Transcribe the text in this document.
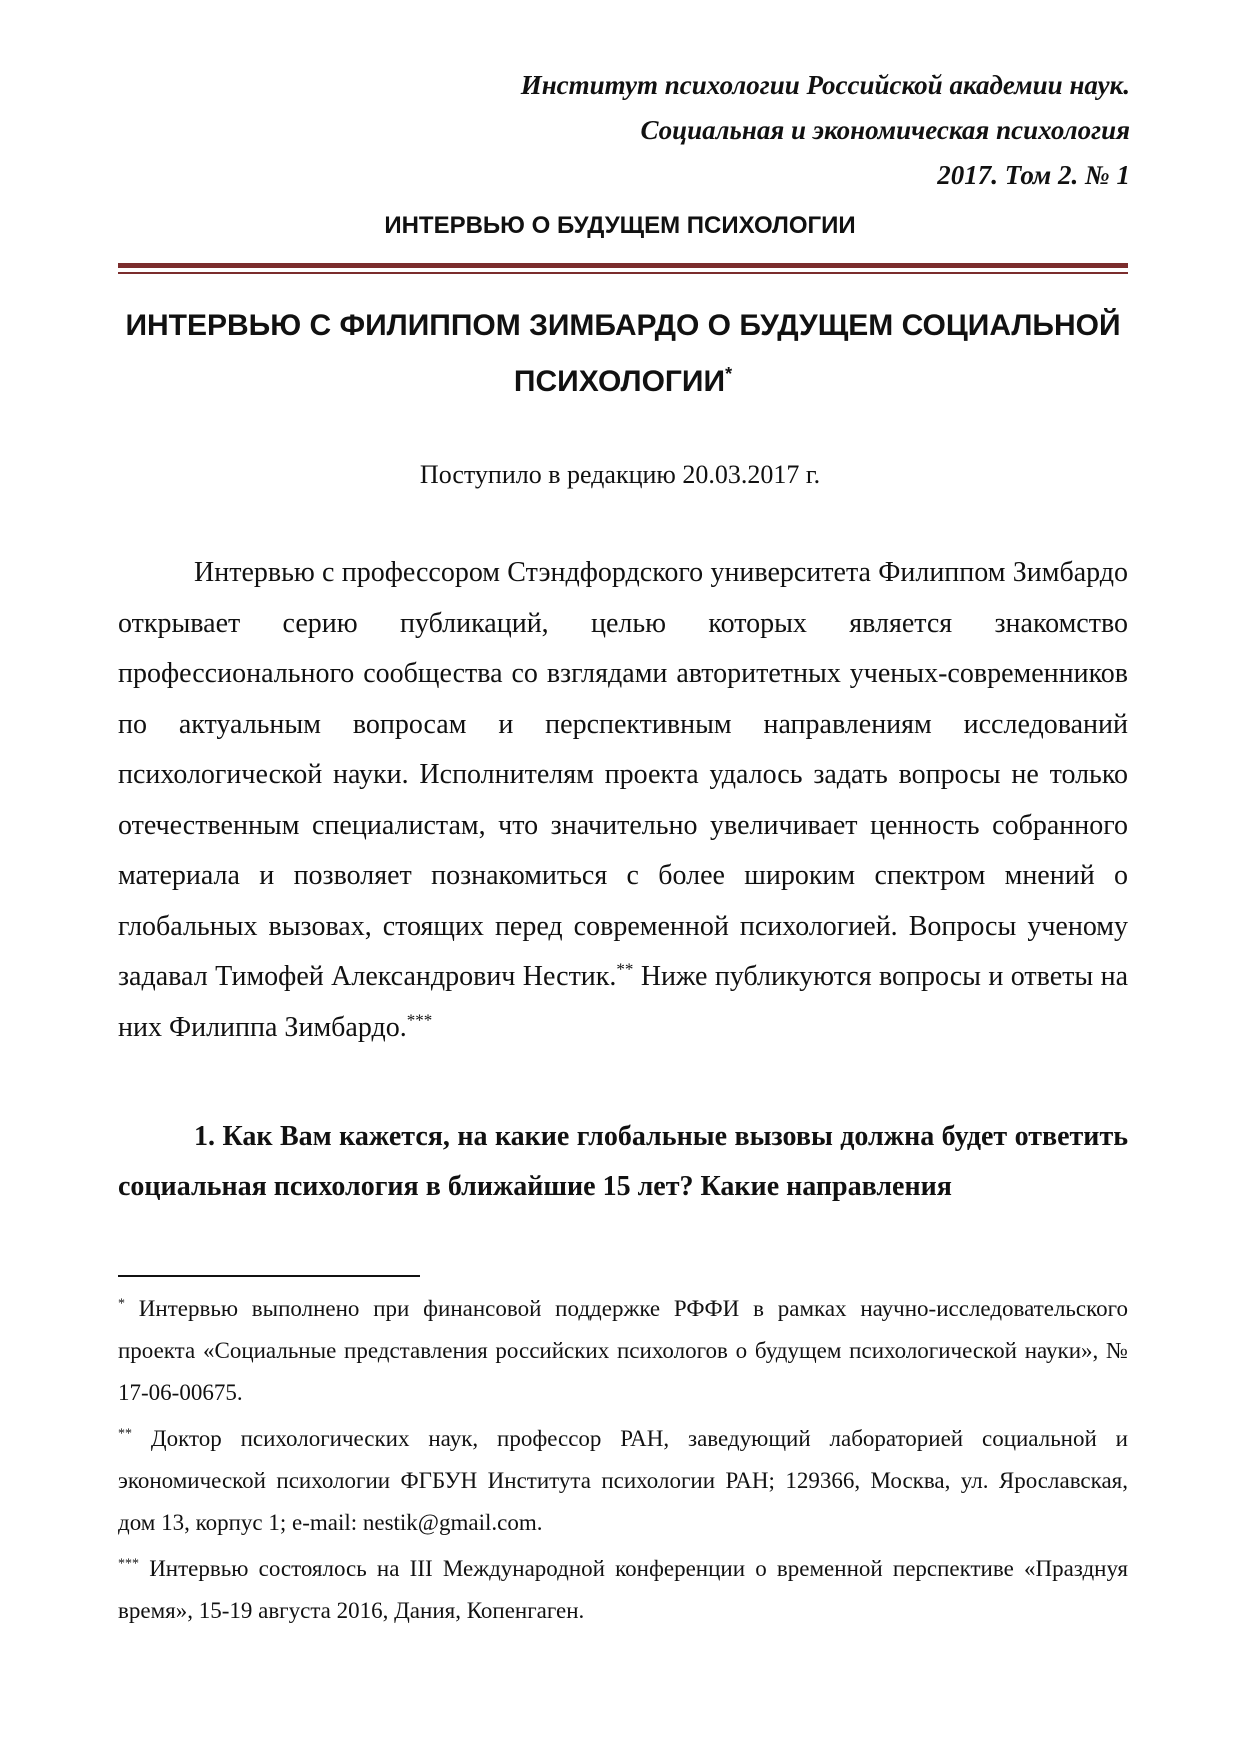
Институт психологии Российской академии наук.
Социальная и экономическая психология
2017. Том 2. № 1
ИНТЕРВЬЮ О БУДУЩЕМ ПСИХОЛОГИИ
ИНТЕРВЬЮ С ФИЛИППОМ ЗИМБАРДО О БУДУЩЕМ СОЦИАЛЬНОЙ
ПСИХОЛОГИИ*
Поступило в редакцию 20.03.2017 г.

Интервью с профессором Стэндфордского университета Филиппом Зимбардо открывает серию публикаций, целью которых является знакомство профессионального сообщества со взглядами авторитетных ученых-современников по актуальным вопросам и перспективным направлениям исследований психологической науки. Исполнителям проекта удалось задать вопросы не только отечественным специалистам, что значительно увеличивает ценность собранного материала и позволяет познакомиться с более широким спектром мнений о глобальных вызовах, стоящих перед современной психологией. Вопросы ученому задавал Тимофей Александрович Нестик.** Ниже публикуются вопросы и ответы на них Филиппа Зимбардо.***

1. Как Вам кажется, на какие глобальные вызовы должна будет ответить социальная психология в ближайшие 15 лет? Какие направления

* Интервью выполнено при финансовой поддержке РФФИ в рамках научно-исследовательского проекта «Социальные представления российских психологов о будущем психологической науки», № 17-06-00675.

** Доктор психологических наук, профессор РАН, заведующий лабораторией социальной и экономической психологии ФГБУН Института психологии РАН; 129366, Москва, ул. Ярославская, дом 13, корпус 1; e-mail: nestik@gmail.com.

*** Интервью состоялось на III Международной конференции о временной перспективе «Празднуя время», 15-19 августа 2016, Дания, Копенгаген.
